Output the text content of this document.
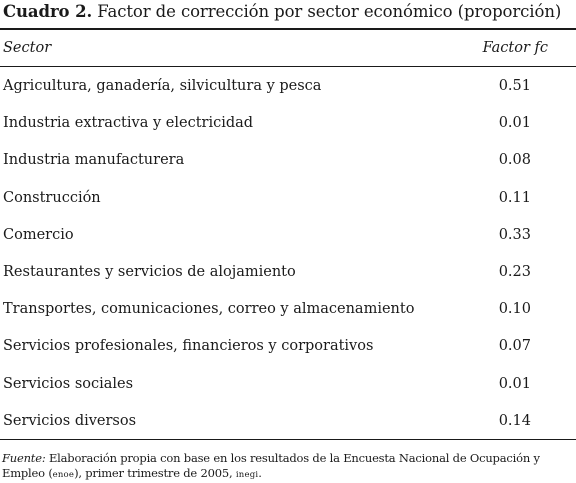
Cuadro 2. Factor de corrección por sector económico (proporción)
Sector	Factor fc
Agricultura, ganadería, silvicultura y pesca	0.51
Industria extractiva y electricidad	0.01
Industria manufacturera	0.08
Construcción	0.11
Comercio	0.33
Restaurantes y servicios de alojamiento	0.23
Transportes, comunicaciones, correo y almacenamiento	0.10
Servicios profesionales, financieros y corporativos	0.07
Servicios sociales	0.01
Servicios diversos	0.14
Fuente: Elaboración propia con base en los resultados de la Encuesta Nacional de Ocupación y Empleo (enoe), primer trimestre de 2005, inegi.
